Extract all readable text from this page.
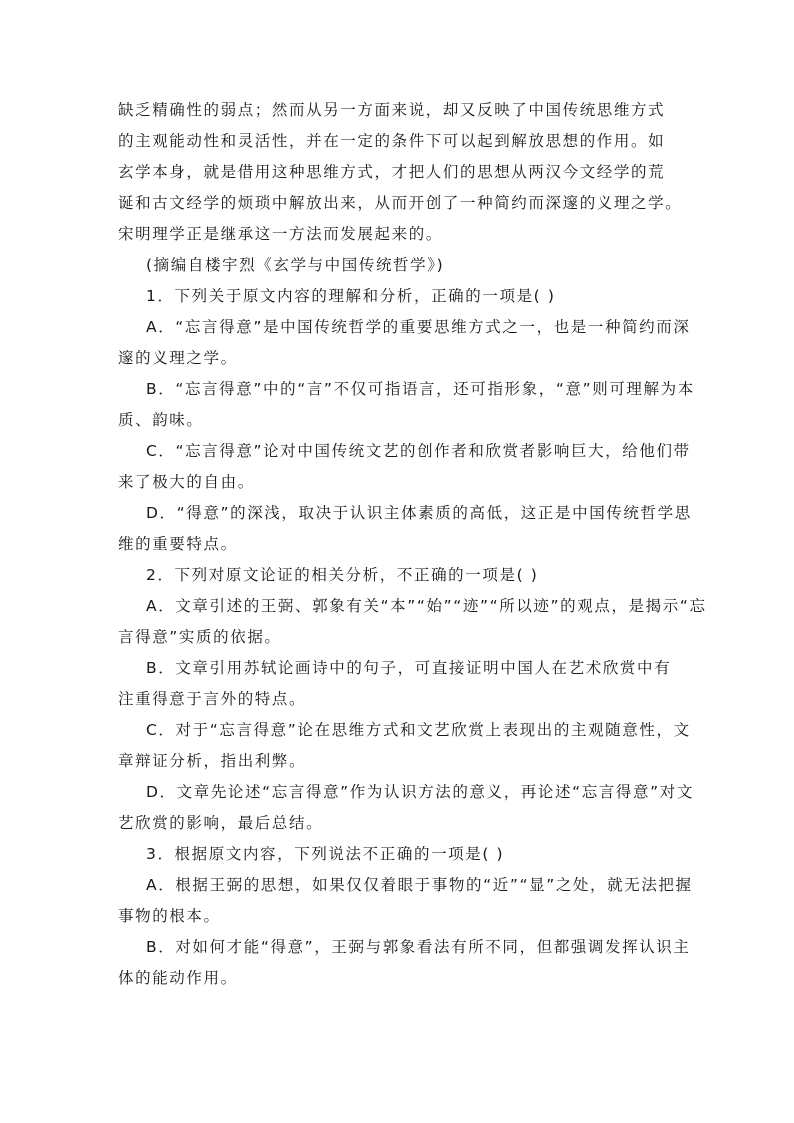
缺乏精确性的弱点；然而从另一方面来说，却又反映了中国传统思维方式
的主观能动性和灵活性，并在一定的条件下可以起到解放思想的作用。如
玄学本身，就是借用这种思维方式，才把人们的思想从两汉今文经学的荒
诞和古文经学的烦琐中解放出来，从而开创了一种简约而深邃的义理之学。
宋明理学正是继承这一方法而发展起来的。
(摘编自楼宇烈《玄学与中国传统哲学》)
1．下列关于原文内容的理解和分析，正确的一项是( )
A．“忘言得意”是中国传统哲学的重要思维方式之一，也是一种简约而深
邃的义理之学。
B．“忘言得意”中的“言”不仅可指语言，还可指形象，“意”则可理解为本
质、韵味。
C．“忘言得意”论对中国传统文艺的创作者和欣赏者影响巨大，给他们带
来了极大的自由。
D．“得意”的深浅，取决于认识主体素质的高低，这正是中国传统哲学思
维的重要特点。
2．下列对原文论证的相关分析，不正确的一项是( )
A．文章引述的王弼、郭象有关“本”“始”“迹”“所以迹”的观点，是揭示“忘
言得意”实质的依据。
B．文章引用苏轼论画诗中的句子，可直接证明中国人在艺术欣赏中有
注重得意于言外的特点。
C．对于“忘言得意”论在思维方式和文艺欣赏上表现出的主观随意性，文
章辩证分析，指出利弊。
D．文章先论述“忘言得意”作为认识方法的意义，再论述“忘言得意”对文
艺欣赏的影响，最后总结。
3．根据原文内容，下列说法不正确的一项是( )
A．根据王弼的思想，如果仅仅着眼于事物的“近”“显”之处，就无法把握
事物的根本。
B．对如何才能“得意”，王弼与郭象看法有所不同，但都强调发挥认识主
体的能动作用。
